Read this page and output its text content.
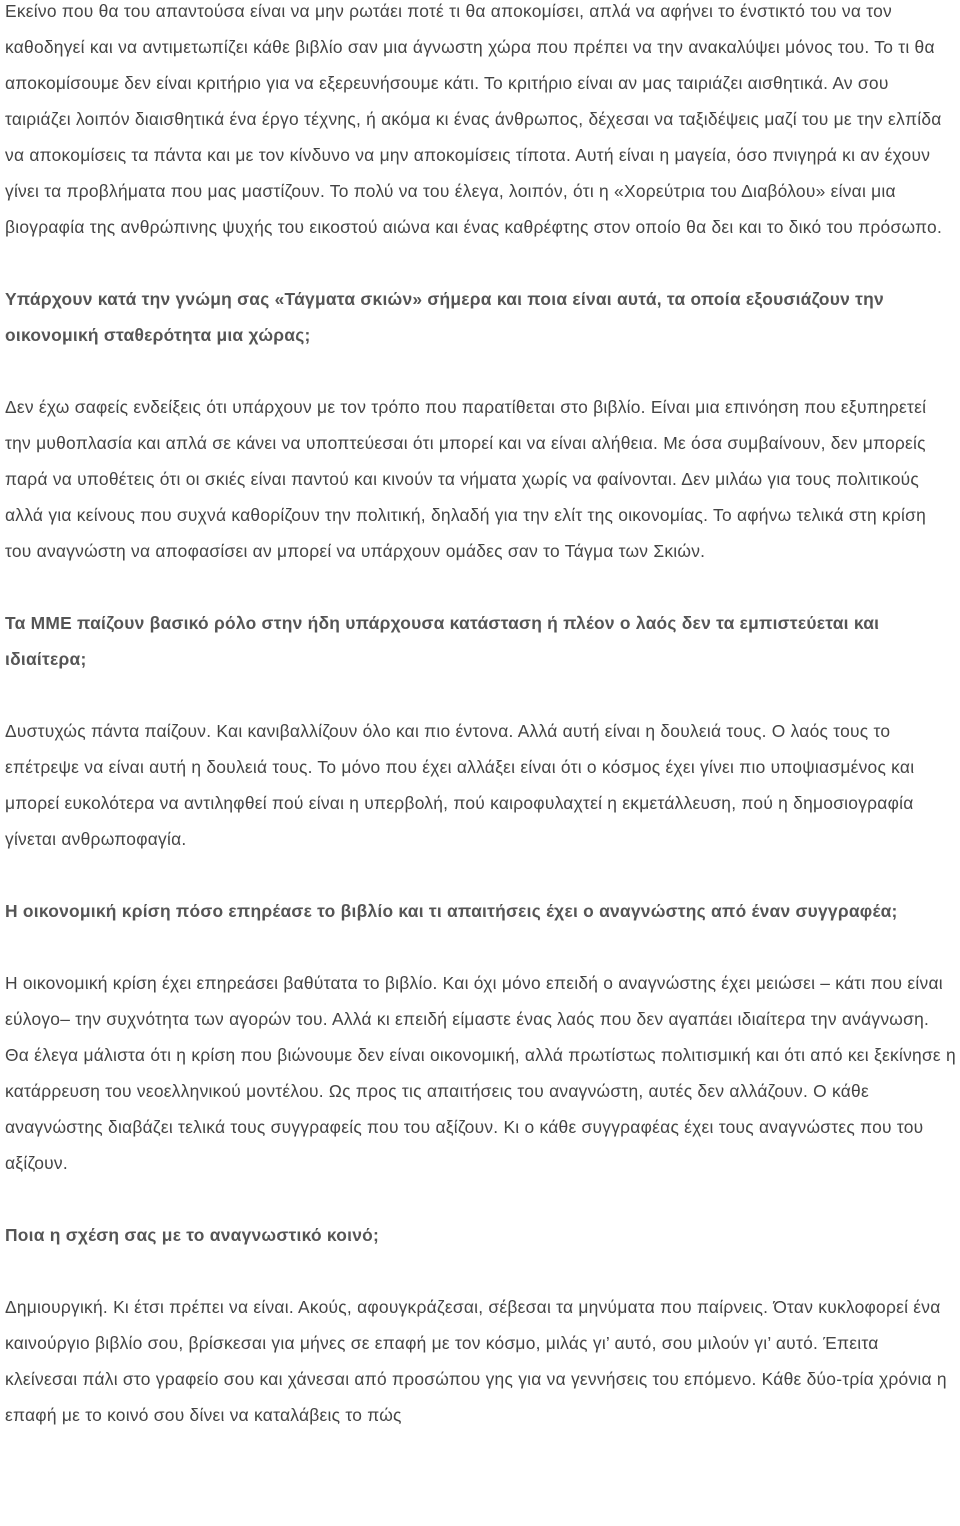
Εκείνο που θα του απαντούσα είναι να μην ρωτάει ποτέ τι θα αποκομίσει, απλά να αφήνει το ένστικτό του να τον καθοδηγεί και να αντιμετωπίζει κάθε βιβλίο σαν μια άγνωστη χώρα που πρέπει να την ανακαλύψει μόνος του. Το τι θα αποκομίσουμε δεν είναι κριτήριο για να εξερευνήσουμε κάτι. Το κριτήριο είναι αν μας ταιριάζει αισθητικά. Αν σου ταιριάζει λοιπόν διαισθητικά ένα έργο τέχνης, ή ακόμα κι ένας άνθρωπος, δέχεσαι να ταξιδέψεις μαζί του με την ελπίδα να αποκομίσεις τα πάντα και με τον κίνδυνο να μην αποκομίσεις τίποτα. Αυτή είναι η μαγεία, όσο πνιγηρά κι αν έχουν γίνει τα προβλήματα που μας μαστίζουν. Το πολύ να του έλεγα, λοιπόν, ότι η «Χορεύτρια του Διαβόλου» είναι μια βιογραφία της ανθρώπινης ψυχής του εικοστού αιώνα και ένας καθρέφτης στον οποίο θα δει και το δικό του πρόσωπο.

Υπάρχουν κατά την γνώμη σας «Τάγματα σκιών» σήμερα και ποια είναι αυτά, τα οποία εξουσιάζουν την οικονομική σταθερότητα μια χώρας;

Δεν έχω σαφείς ενδείξεις ότι υπάρχουν με τον τρόπο που παρατίθεται στο βιβλίο. Είναι μια επινόηση που εξυπηρετεί την μυθοπλασία και απλά σε κάνει να υποπτεύεσαι ότι μπορεί και να είναι αλήθεια. Με όσα συμβαίνουν, δεν μπορείς παρά να υποθέτεις ότι οι σκιές είναι παντού και κινούν τα νήματα χωρίς να φαίνονται. Δεν μιλάω για τους πολιτικούς αλλά για κείνους που συχνά καθορίζουν την πολιτική, δηλαδή για την ελίτ της οικονομίας. Το αφήνω τελικά στη κρίση του αναγνώστη να αποφασίσει αν μπορεί να υπάρχουν ομάδες σαν το Τάγμα των Σκιών.

Τα ΜΜΕ παίζουν βασικό ρόλο στην ήδη υπάρχουσα κατάσταση ή πλέον ο λαός δεν τα εμπιστεύεται και ιδιαίτερα;

Δυστυχώς πάντα παίζουν. Και κανιβαλλίζουν όλο και πιο έντονα. Αλλά αυτή είναι η δουλειά τους. Ο λαός τους το επέτρεψε να είναι αυτή η δουλειά τους. Το μόνο που έχει αλλάξει είναι ότι ο κόσμος έχει γίνει πιο υποψιασμένος και μπορεί ευκολότερα να αντιληφθεί πού είναι η υπερβολή, πού καιροφυλαχτεί η εκμετάλλευση, πού η δημοσιογραφία γίνεται ανθρωποφαγία.

Η οικονομική κρίση πόσο επηρέασε το βιβλίο και τι απαιτήσεις έχει ο αναγνώστης από έναν συγγραφέα;

Η οικονομική κρίση έχει επηρεάσει βαθύτατα το βιβλίο. Και όχι μόνο επειδή ο αναγνώστης έχει μειώσει – κάτι που είναι εύλογο– την συχνότητα των αγορών του. Αλλά κι επειδή είμαστε ένας λαός που δεν αγαπάει ιδιαίτερα την ανάγνωση. Θα έλεγα μάλιστα ότι η κρίση που βιώνουμε δεν είναι οικονομική, αλλά πρωτίστως πολιτισμική και ότι από κει ξεκίνησε η κατάρρευση του νεοελληνικού μοντέλου. Ως προς τις απαιτήσεις του αναγνώστη, αυτές δεν αλλάζουν. Ο κάθε αναγνώστης διαβάζει τελικά τους συγγραφείς που του αξίζουν. Κι ο κάθε συγγραφέας έχει τους αναγνώστες που του αξίζουν.

Ποια η σχέση σας με το αναγνωστικό κοινό;

Δημιουργική. Κι έτσι πρέπει να είναι. Ακούς, αφουγκράζεσαι, σέβεσαι τα μηνύματα που παίρνεις. Όταν κυκλοφορεί ένα καινούργιο βιβλίο σου, βρίσκεσαι για μήνες σε επαφή με τον κόσμο, μιλάς γι’ αυτό, σου μιλούν γι’ αυτό. Έπειτα κλείνεσαι πάλι στο γραφείο σου και χάνεσαι από προσώπου γης για να γεννήσεις του επόμενο. Κάθε δύο-τρία χρόνια η επαφή με το κοινό σου δίνει να καταλάβεις το πώς
